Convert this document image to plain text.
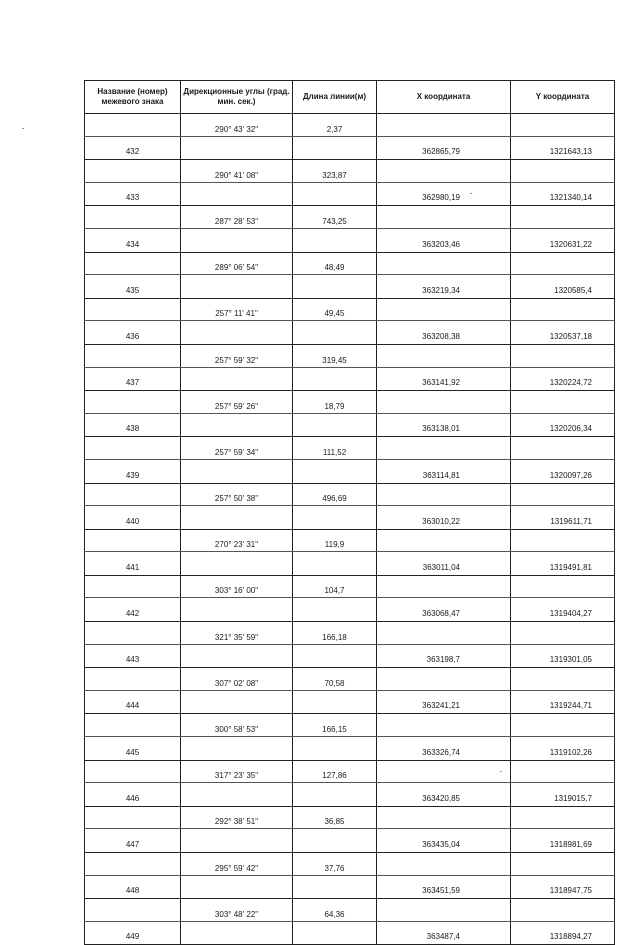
Название (номер) межевого знака	Дирекционные углы (град. мин. сек.)	Длина линии(м)	X координата	Y координата
	290° 43' 32"	2,37		
432			362865,79	1321643,13
	290° 41' 08"	323,87		
433			362980,19	1321340,14
	287° 28' 53"	743,25		
434			363203,46	1320631,22
	289° 06' 54"	48,49		
435			363219,34	1320585,4
	257° 11' 41"	49,45		
436			363208,38	1320537,18
	257° 59' 32"	319,45		
437			363141,92	1320224,72
	257° 59' 26"	18,79		
438			363138,01	1320206,34
	257° 59' 34"	111,52		
439			363114,81	1320097,26
	257° 50' 38"	496,69		
440			363010,22	1319611,71
	270° 23' 31"	119,9		
441			363011,04	1319491,81
	303° 16' 00"	104,7		
442			363068,47	1319404,27
	321° 35' 59"	166,18		
443			363198,7	1319301,05
	307° 02' 08"	70,58		
444			363241,21	1319244,71
	300° 58' 53"	166,15		
445			363326,74	1319102,26
	317° 23' 35"	127,86		
446			363420,85	1319015,7
	292° 38' 51"	36,85		
447			363435,04	1318981,69
	295° 59' 42"	37,76		
448			363451,59	1318947,75
	303° 48' 22"	64,36		
449			363487,4	1318894,27
